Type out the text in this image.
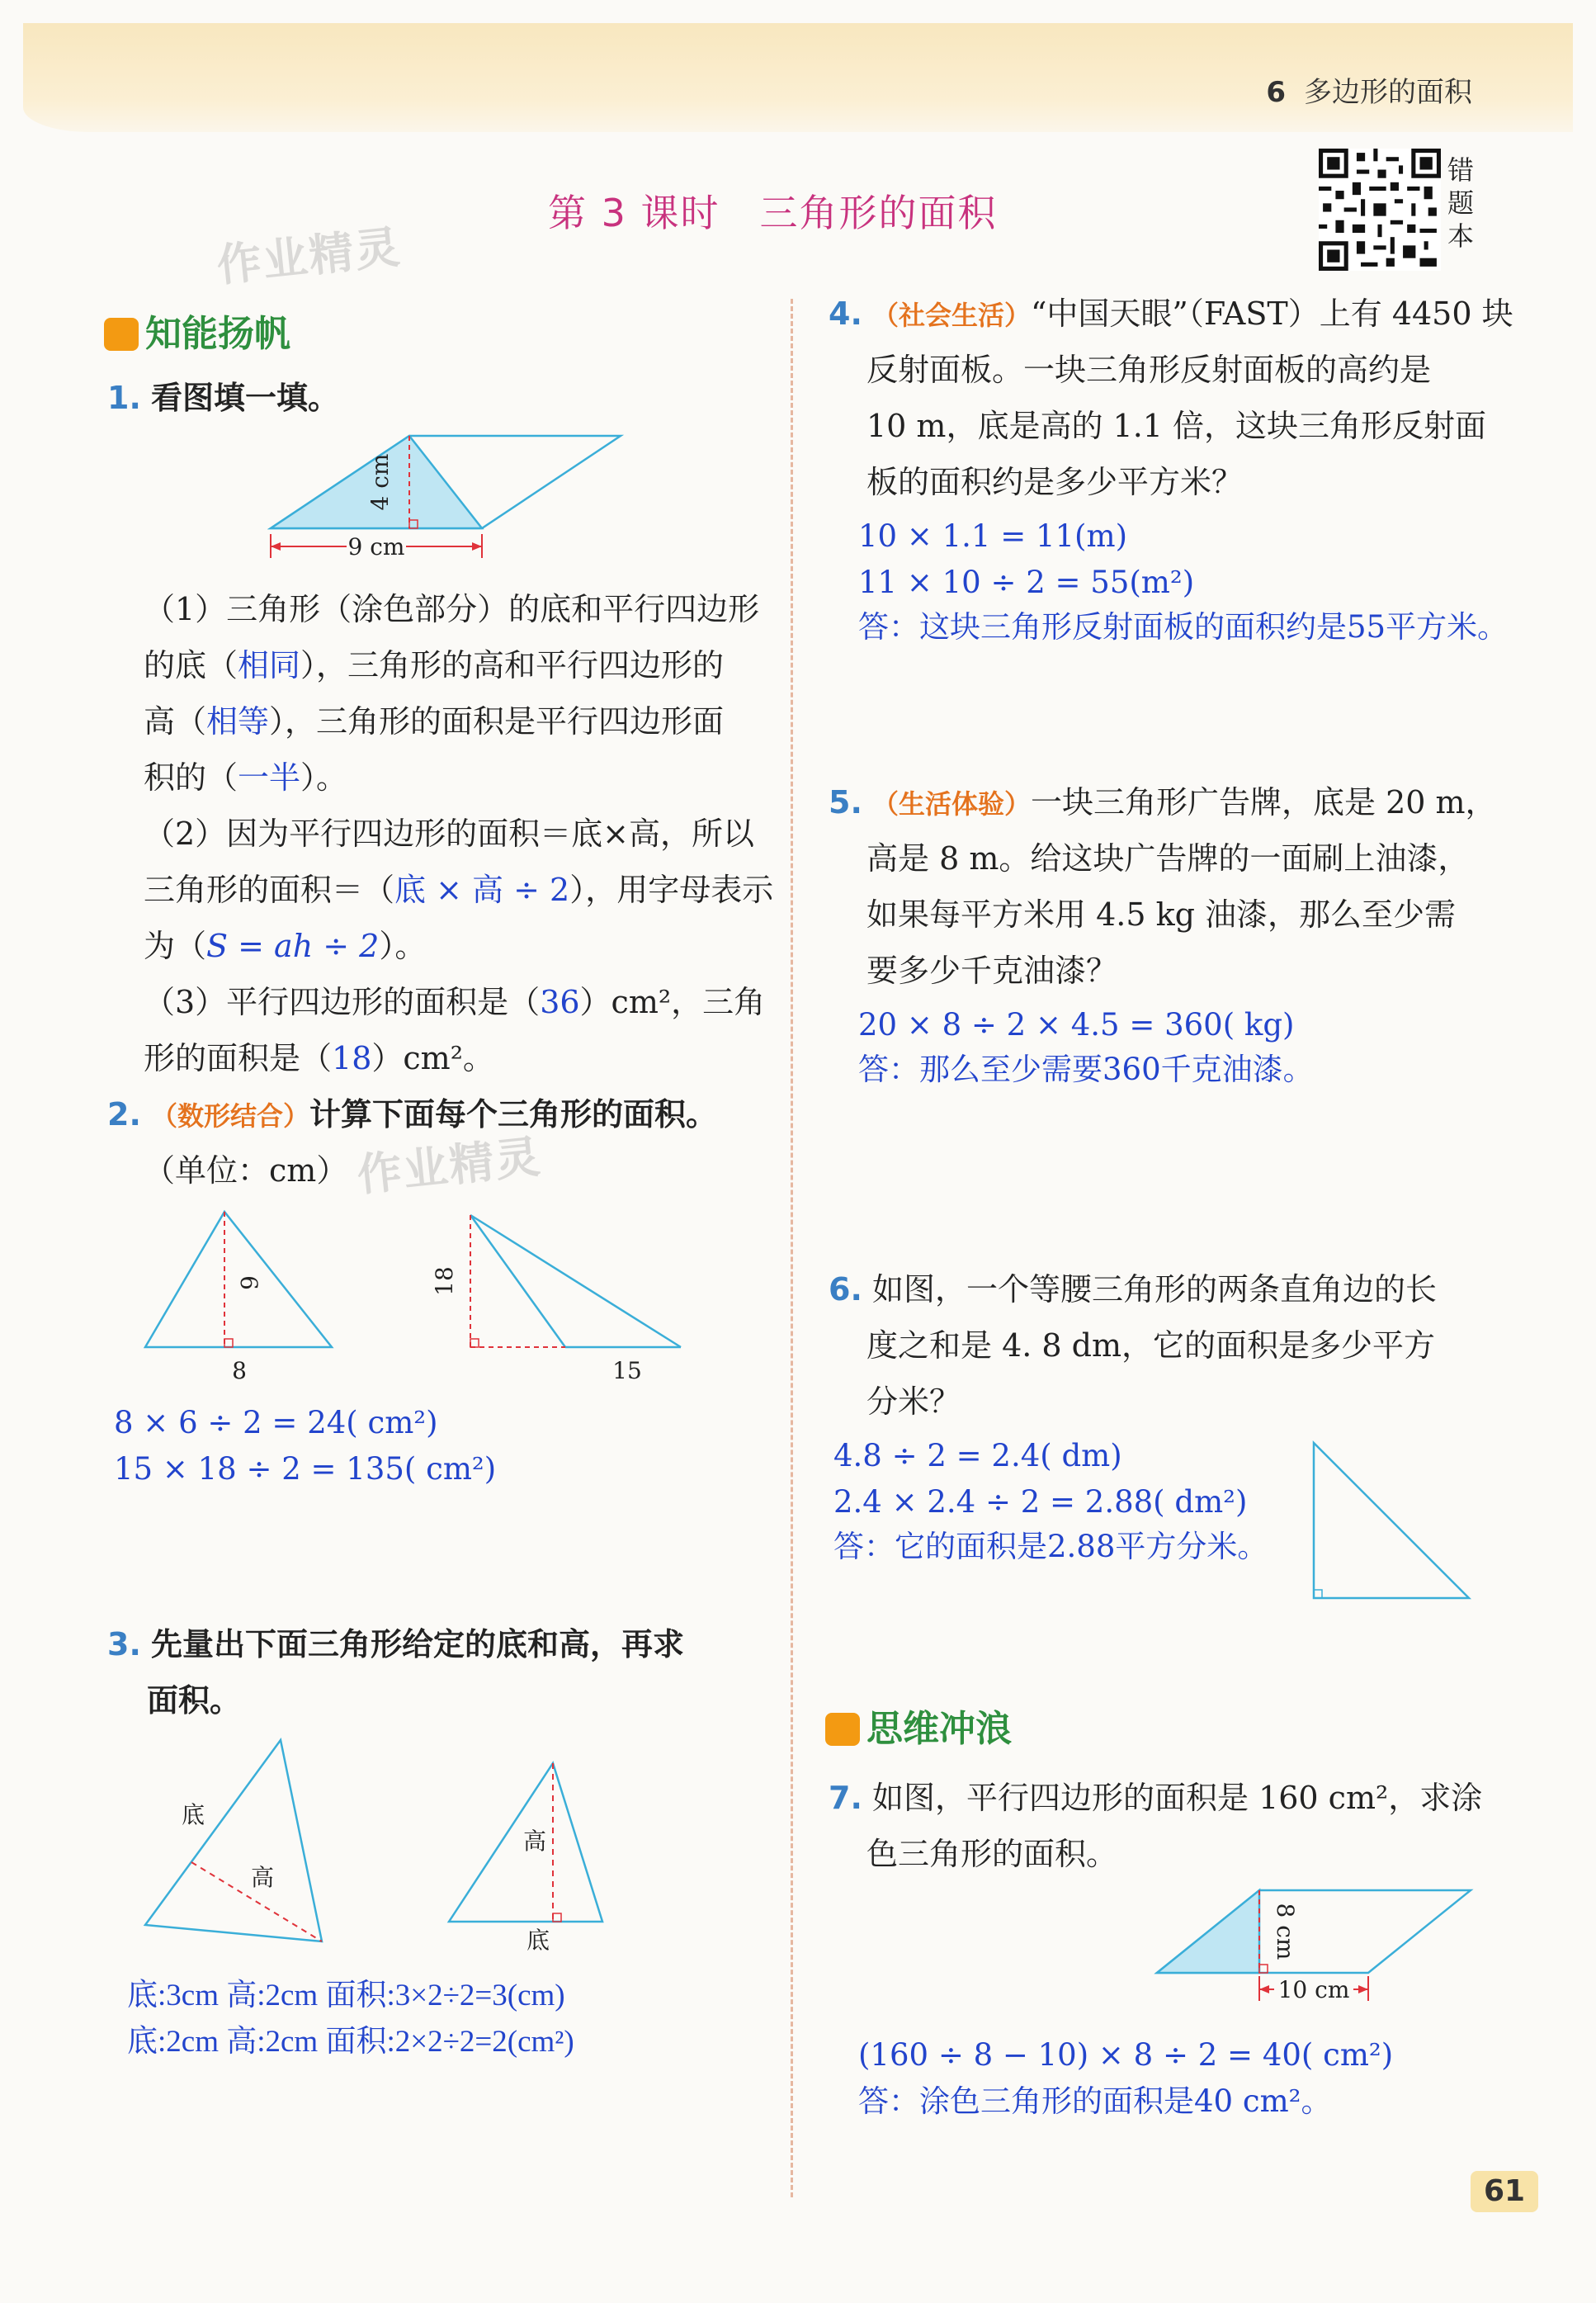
6 多边形的面积
第 3 课时　三角形的面积
作业精灵
作业精灵
错
题
本
知能扬帆
1. 看图填一填。
4 cm
9 cm
（1）三角形（涂色部分）的底和平行四边形
的底（相同），三角形的高和平行四边形的
高（相等），三角形的面积是平行四边形面
积的（一半）。
（2）因为平行四边形的面积＝底×高，所以
三角形的面积＝（底 × 高 ÷ 2），用字母表示
为（S = ah ÷ 2）。
（3）平行四边形的面积是（36）cm²，三角
形的面积是（18）cm²。
2. （数形结合）计算下面每个三角形的面积。
（单位：cm）
6
8
18
15
8 × 6 ÷ 2 = 24( cm²)
15 × 18 ÷ 2 = 135( cm²)
3. 先量出下面三角形给定的底和高，再求
面积。
底
高
高
底
底:3cm 高:2cm 面积:3×2÷2=3(cm)
底:2cm 高:2cm 面积:2×2÷2=2(cm²)
4. （社会生活）“中国天眼”（FAST）上有 4450 块
反射面板。一块三角形反射面板的高约是
10 m，底是高的 1.1 倍，这块三角形反射面
板的面积约是多少平方米？
10 × 1.1 = 11(m)
11 × 10 ÷ 2 = 55(m²)
答：这块三角形反射面板的面积约是55平方米。
5. （生活体验）一块三角形广告牌，底是 20 m，
高是 8 m。给这块广告牌的一面刷上油漆，
如果每平方米用 4.5 kg 油漆，那么至少需
要多少千克油漆？
20 × 8 ÷ 2 × 4.5 = 360( kg)
答：那么至少需要360千克油漆。
6. 如图，一个等腰三角形的两条直角边的长
度之和是 4. 8 dm，它的面积是多少平方
分米？
4.8 ÷ 2 = 2.4( dm)
2.4 × 2.4 ÷ 2 = 2.88( dm²)
答：它的面积是2.88平方分米。
思维冲浪
7. 如图，平行四边形的面积是 160 cm²，求涂
色三角形的面积。
8 cm
10 cm
(160 ÷ 8 − 10) × 8 ÷ 2 = 40( cm²)
答：涂色三角形的面积是40 cm²。
61
